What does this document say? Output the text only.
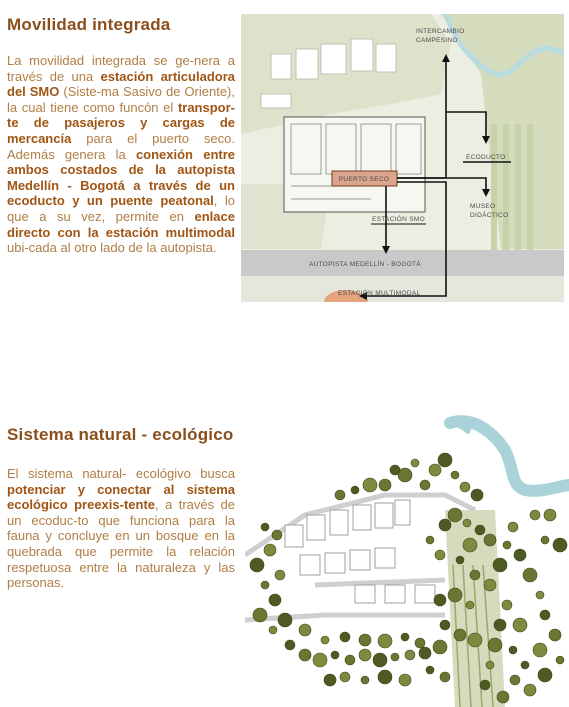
Movilidad integrada
La movilidad integrada se ge-nera a través de una estación articuladora del SMO (Siste-ma Sasivo de Oriente), la cual tiene como funcón el transpor-te de pasajeros y cargas de mercancía para el puerto seco. Además genera la conexión entre ambos costados de la autopista Medellín - Bogotá a través de un ecoducto y un puente peatonal, lo que a su vez, permite en enlace directo con la estación multimodal ubi-cada al otro lado de la autopista.
PUERTO SECO
INTERCAMBIO
CAMPESINO
ECODUCTO
MUSEO
DIDÁCTICO
ESTACIÓN SMO
AUTOPISTA MEDELLÍN - BOGOTÁ
ESTACIÓN MULTIMODAL
Sistema natural - ecológico
El sistema natural- ecológivo busca potenciar y conectar al sistema ecológico preexis-tente, a través de un ecoduc-to que funciona para la fauna y concluye en un bosque en la quebrada que permite la relación respetuosa entre la naturaleza y las personas.
